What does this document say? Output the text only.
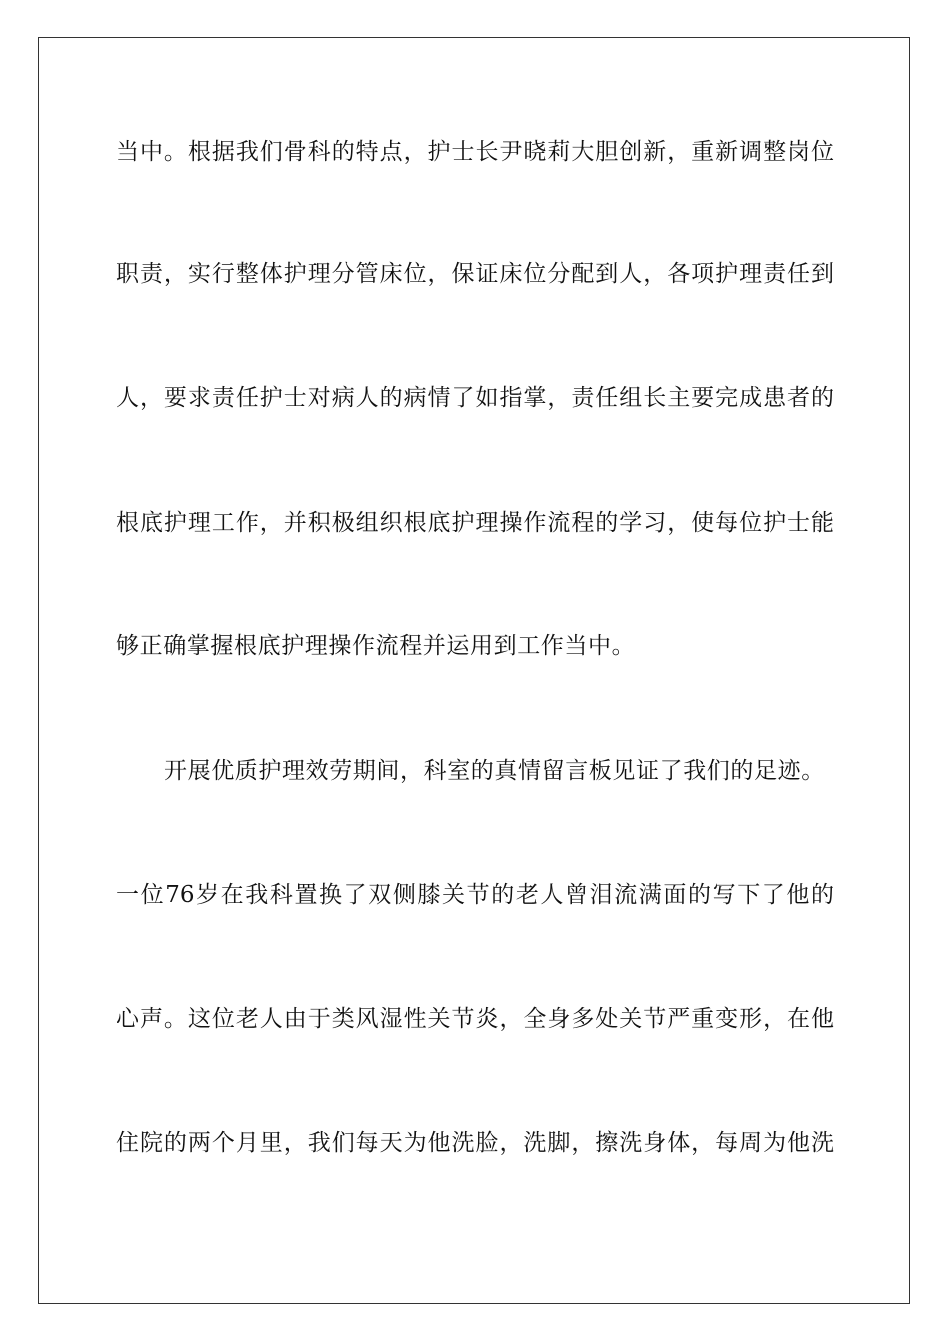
当中。根据我们骨科的特点，护士长尹晓莉大胆创新，重新调整岗位
职责，实行整体护理分管床位，保证床位分配到人，各项护理责任到
人，要求责任护士对病人的病情了如指掌，责任组长主要完成患者的
根底护理工作，并积极组织根底护理操作流程的学习，使每位护士能
够正确掌握根底护理操作流程并运用到工作当中。
开展优质护理效劳期间，科室的真情留言板见证了我们的足迹。
一位76岁在我科置换了双侧膝关节的老人曾泪流满面的写下了他的
心声。这位老人由于类风湿性关节炎，全身多处关节严重变形，在他
住院的两个月里，我们每天为他洗脸，洗脚，擦洗身体，每周为他洗
